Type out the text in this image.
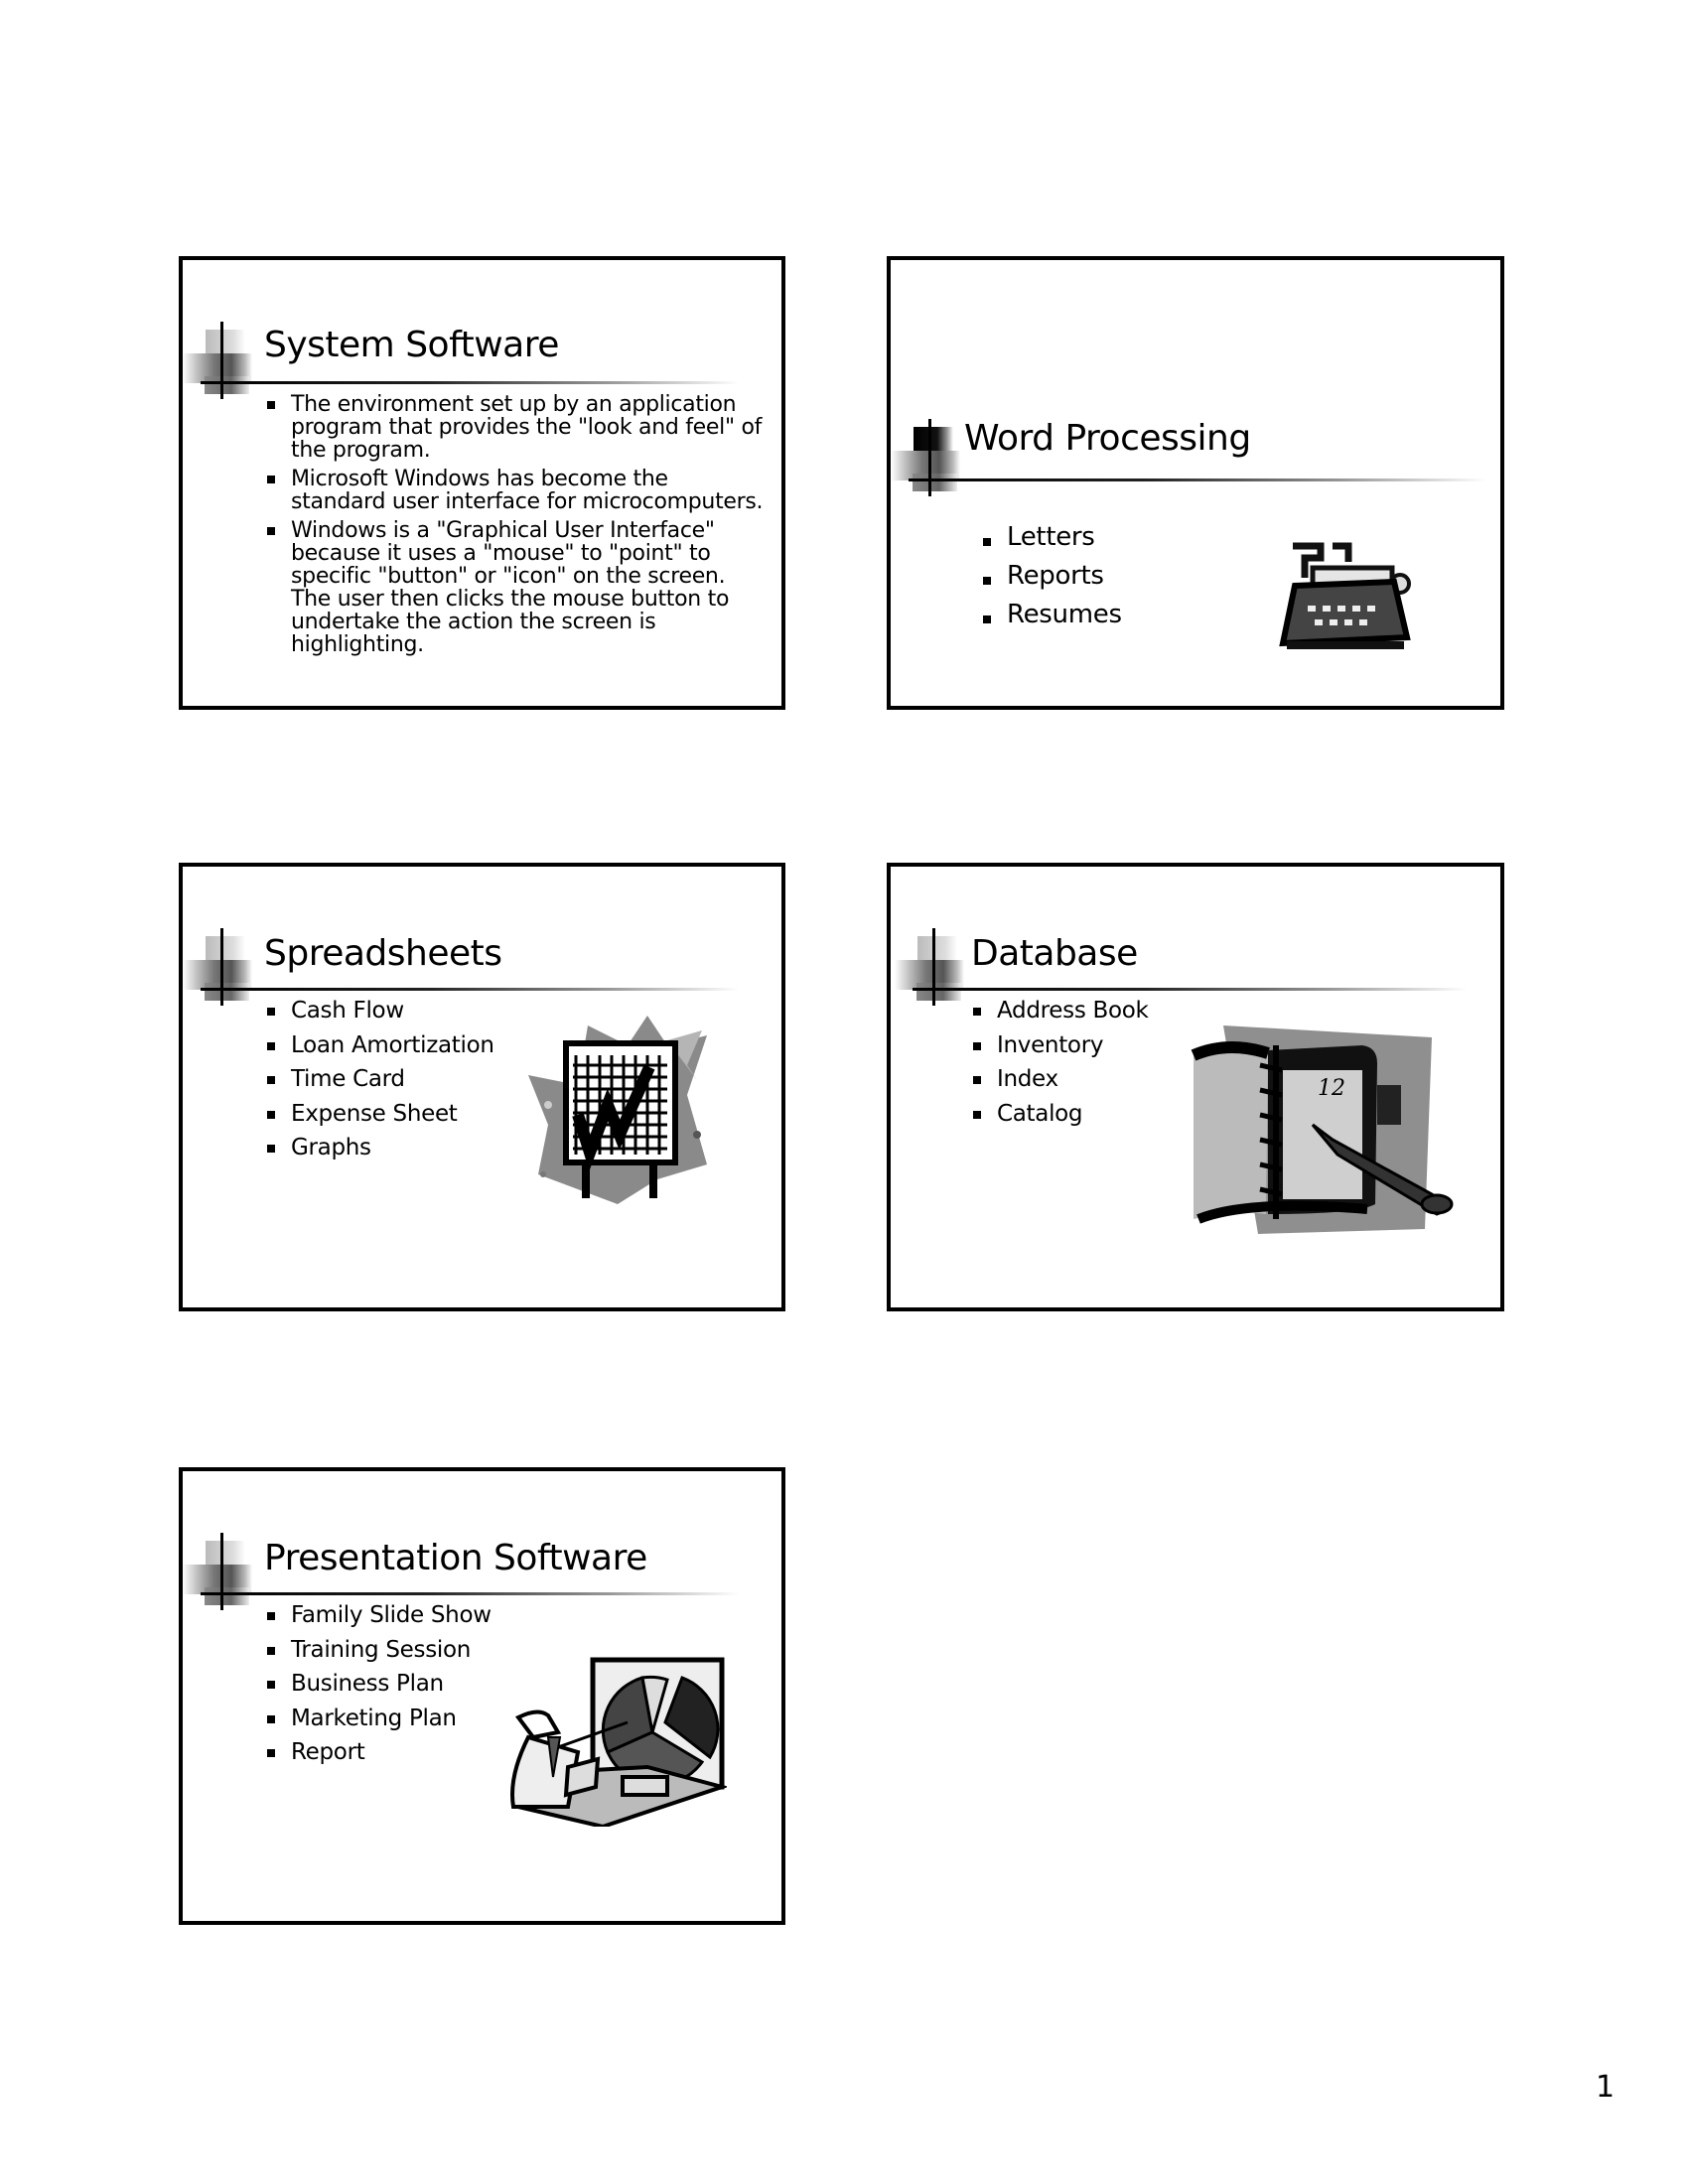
System Software
The environment set up by an application program that provides the "look and feel" of the program.
Microsoft Windows has become the standard user interface for microcomputers.
Windows is a "Graphical User Interface" because it uses a "mouse" to "point" to specific "button" or "icon" on the screen. The user then clicks the mouse button to undertake the action the screen is highlighting.
Word Processing
Letters
Reports
Resumes
Spreadsheets
Cash Flow
Loan Amortization
Time Card
Expense Sheet
Graphs
Database
Address Book
Inventory
Index
Catalog
12
Presentation Software
Family Slide Show
Training Session
Business Plan
Marketing Plan
Report
1
